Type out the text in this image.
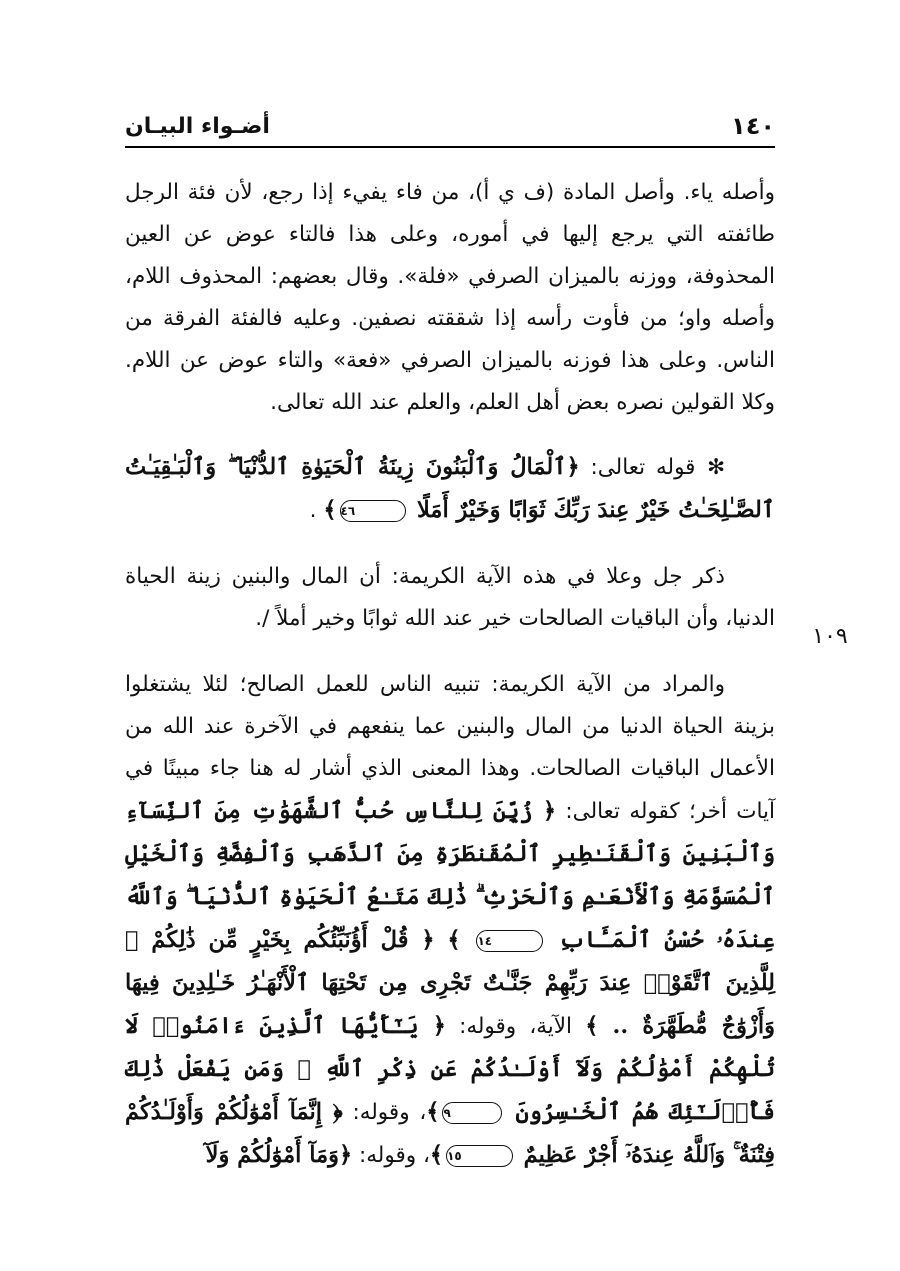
١٤٠
أضـواء البيـان
١٠٩

وأصله ياء. وأصل المادة (ف ي أ)، من فاء يفيء إذا رجع، لأن فئة الرجل طائفته التي يرجع إليها في أموره، وعلى هذا فالتاء عوض عن العين المحذوفة، ووزنه بالميزان الصرفي «فلة». وقال بعضهم: المحذوف اللام، وأصله واو؛ من فأوت رأسه إذا شققته نصفين. وعليه فالفئة الفرقة من الناس. وعلى هذا فوزنه بالميزان الصرفي «فعة» والتاء عوض عن اللام. وكلا القولين نصره بعض أهل العلم، والعلم عند الله تعالى.

✻ قوله تعالى: ﴿ٱلْمَالُ وَٱلْبَنُونَ زِينَةُ ٱلْحَيَوٰةِ ٱلدُّنْيَا ۖ وَٱلْبَـٰقِيَـٰتُ ٱلصَّـٰلِحَـٰتُ خَيْرٌ عِندَ رَبِّكَ ثَوَابًا وَخَيْرٌ أَمَلًا ٤٦﴾ .

ذكر جل وعلا في هذه الآية الكريمة: أن المال والبنين زينة الحياة الدنيا، وأن الباقيات الصالحات خير عند الله ثوابًا وخير أملاً /.

والمراد من الآية الكريمة: تنبيه الناس للعمل الصالح؛ لئلا يشتغلوا بزينة الحياة الدنيا من المال والبنين عما ينفعهم في الآخرة عند الله من الأعمال الباقيات الصالحات. وهذا المعنى الذي أشار له هنا جاء مبينًا في آيات أخر؛ كقوله تعالى: ﴿ زُيِّنَ لِلنَّاسِ حُبُّ ٱلشَّهَوَٰتِ مِنَ ٱلنِّسَآءِ وَٱلْبَنِينَ وَٱلْقَنَـٰطِيرِ ٱلْمُقَنطَرَةِ مِنَ ٱلذَّهَبِ وَٱلْفِضَّةِ وَٱلْخَيْلِ ٱلْمُسَوَّمَةِ وَٱلْأَنْعَـٰمِ وَٱلْحَرْثِ ۗ ذَٰلِكَ مَتَـٰعُ ٱلْحَيَوٰةِ ٱلدُّنْيَا ۖ وَٱللَّهُ عِندَهُۥ حُسْنُ ٱلْمَـَٔابِ ١٤ ﴾ ﴿ قُلْ أَؤُنَبِّئُكُم بِخَيْرٍ مِّن ذَٰلِكُمْ ۚ لِلَّذِينَ ٱتَّقَوْا۟ عِندَ رَبِّهِمْ جَنَّـٰتٌ تَجْرِى مِن تَحْتِهَا ٱلْأَنْهَـٰرُ خَـٰلِدِينَ فِيهَا وَأَزْوَٰجٌ مُّطَهَّرَةٌ .. ﴾ الآية، وقوله: ﴿ يَـٰٓأَيُّهَا ٱلَّذِينَ ءَامَنُوا۟ لَا تُلْهِكُمْ أَمْوَٰلُكُمْ وَلَآ أَوْلَـٰدُكُمْ عَن ذِكْرِ ٱللَّهِ ۚ وَمَن يَفْعَلْ ذَٰلِكَ فَأُو۟لَـٰٓئِكَ هُمُ ٱلْخَـٰسِرُونَ ٩﴾، وقوله: ﴿ إِنَّمَآ أَمْوَٰلُكُمْ وَأَوْلَـٰدُكُمْ فِتْنَةٌ ۚ وَٱللَّهُ عِندَهُۥٓ أَجْرٌ عَظِيمٌ ١٥﴾، وقوله: ﴿وَمَآ أَمْوَٰلُكُمْ وَلَآ
